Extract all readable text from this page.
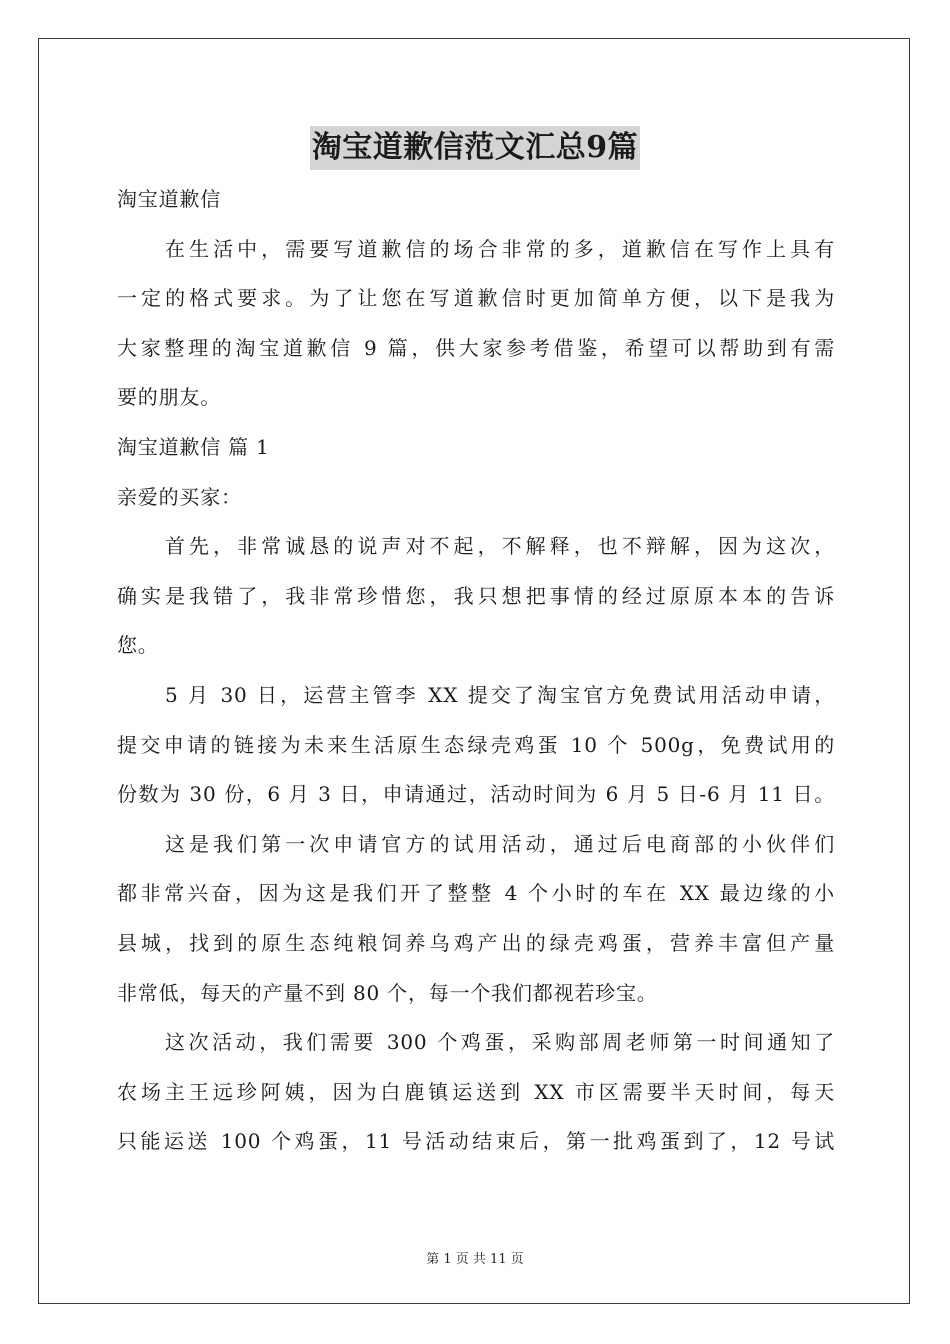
淘宝道歉信范文汇总9篇
淘宝道歉信
在生活中，需要写道歉信的场合非常的多，道歉信在写作上具有
一定的格式要求。为了让您在写道歉信时更加简单方便，以下是我为
大家整理的淘宝道歉信 9 篇，供大家参考借鉴，希望可以帮助到有需
要的朋友。
淘宝道歉信 篇 1
亲爱的买家：
首先，非常诚恳的说声对不起，不解释，也不辩解，因为这次，
确实是我错了，我非常珍惜您，我只想把事情的经过原原本本的告诉
您。
5 月 30 日，运营主管李 XX 提交了淘宝官方免费试用活动申请，
提交申请的链接为未来生活原生态绿壳鸡蛋 10 个 500g，免费试用的
份数为 30 份，6 月 3 日，申请通过，活动时间为 6 月 5 日-6 月 11 日。
这是我们第一次申请官方的试用活动，通过后电商部的小伙伴们
都非常兴奋，因为这是我们开了整整 4 个小时的车在 XX 最边缘的小
县城，找到的原生态纯粮饲养乌鸡产出的绿壳鸡蛋，营养丰富但产量
非常低，每天的产量不到 80 个，每一个我们都视若珍宝。
这次活动，我们需要 300 个鸡蛋，采购部周老师第一时间通知了
农场主王远珍阿姨，因为白鹿镇运送到 XX 市区需要半天时间，每天
只能运送 100 个鸡蛋，11 号活动结束后，第一批鸡蛋到了，12 号试
第 1 页 共 11 页
